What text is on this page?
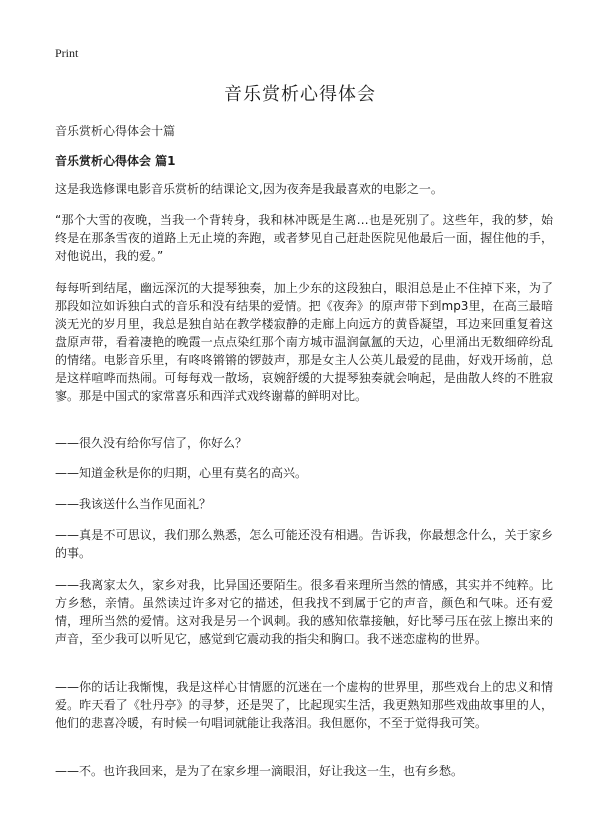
Print
音乐赏析心得体会
音乐赏析心得体会十篇
音乐赏析心得体会 篇1

这是我选修课电影音乐赏析的结课论文,因为夜奔是我最喜欢的电影之一。

“那个大雪的夜晚，当我一个背转身，我和林冲既是生离…也是死别了。这些年，我的梦，始终是在那条雪夜的道路上无止境的奔跑，或者梦见自己赶赴医院见他最后一面，握住他的手，对他说出，我的爱。”

每每听到结尾，幽远深沉的大提琴独奏，加上少东的这段独白，眼泪总是止不住掉下来，为了那段如泣如诉独白式的音乐和没有结果的爱情。把《夜奔》的原声带下到mp3里，在高三最暗淡无光的岁月里，我总是独自站在教学楼寂静的走廊上向远方的黄昏凝望，耳边来回重复着这盘原声带，看着凄艳的晚霞一点点染红那个南方城市温润氤氲的天边，心里涌出无数细碎纷乱的情绪。电影音乐里，有咚咚锵锵的锣鼓声，那是女主人公英儿最爱的昆曲，好戏开场前，总是这样喧哗而热闹。可每每戏一散场，哀婉舒缓的大提琴独奏就会响起，是曲散人终的不胜寂寥。那是中国式的家常喜乐和西洋式戏终谢幕的鲜明对比。

——很久没有给你写信了，你好么？

——知道金秋是你的归期，心里有莫名的高兴。

——我该送什么当作见面礼？

——真是不可思议，我们那么熟悉，怎么可能还没有相遇。告诉我，你最想念什么，关于家乡的事。

——我离家太久，家乡对我，比异国还要陌生。很多看来理所当然的情感，其实并不纯粹。比方乡愁，亲情。虽然读过许多对它的描述，但我找不到属于它的声音，颜色和气味。还有爱情，理所当然的爱情。这对我是另一个讽刺。我的感知依靠接触，好比琴弓压在弦上擦出来的声音，至少我可以听见它，感觉到它震动我的指尖和胸口。我不迷恋虚构的世界。

——你的话让我惭愧，我是这样心甘情愿的沉迷在一个虚构的世界里，那些戏台上的忠义和情爱。昨天看了《牡丹亭》的寻梦，还是哭了，比起现实生活，我更熟知那些戏曲故事里的人，他们的悲喜冷暖，有时候一句唱词就能让我落泪。我但愿你，不至于觉得我可笑。

——不。也许我回来，是为了在家乡埋一滴眼泪，好让我这一生，也有乡愁。
